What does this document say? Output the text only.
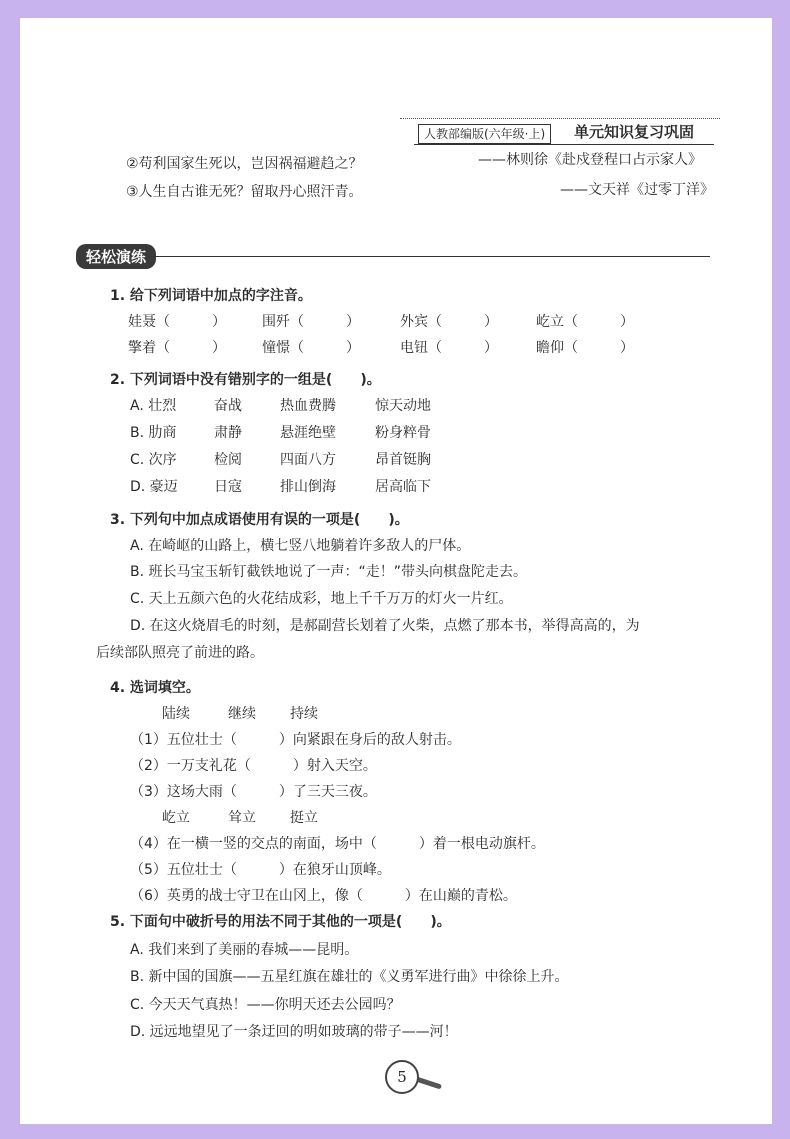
人教部编版(六年级·上)	单元知识复习巩固
②苟利国家生死以，岂因祸福避趋之？	——林则徐《赴戍登程口占示家人》
③人生自古谁无死？留取丹心照汗青。	——文天祥《过零丁洋》

轻松演练
1. 给下列词语中加点的字注音。
娃聂（　　　）	围歼（　　　）	外宾（　　　）	屹立（　　　）
擎着（　　　）	憧憬（　　　）	电钮（　　　）	瞻仰（　　　）
2. 下列词语中没有错别字的一组是(　　)。
A. 壮烈	奋战	热血费腾	惊天动地
B. 肋商	肃静	悬涯绝壁	粉身粹骨
C. 次序	检阅	四面八方	昂首铤胸
D. 豪迈	日寇	排山倒海	居高临下
3. 下列句中加点成语使用有误的一项是(　　)。
A. 在崎岖的山路上，横七竖八地躺着许多敌人的尸体。
B. 班长马宝玉斩钉截铁地说了一声：“走！”带头向棋盘陀走去。
C. 天上五颜六色的火花结成彩，地上千千万万的灯火一片红。
D. 在这火烧眉毛的时刻，是郝副营长划着了火柴，点燃了那本书，举得高高的，为
后续部队照亮了前进的路。
4. 选词填空。
陆续	继续 持续
（1）五位壮士（　　　）向紧跟在身后的敌人射击。
（2）一万支礼花（　　　）射入天空。
（3）这场大雨（　　　）了三天三夜。
屹立	耸立 挺立
（4）在一横一竖的交点的南面，场中（　　　）着一根电动旗杆。
（5）五位壮士（　　　）在狼牙山顶峰。
（6）英勇的战士守卫在山冈上，像（　　　）在山巅的青松。
5. 下面句中破折号的用法不同于其他的一项是(　　)。
A. 我们来到了美丽的春城——昆明。
B. 新中国的国旗——五星红旗在雄壮的《义勇军进行曲》中徐徐上升。
C. 今天天气真热！——你明天还去公园吗？
D. 远远地望见了一条迂回的明如玻璃的带子——河！
5
